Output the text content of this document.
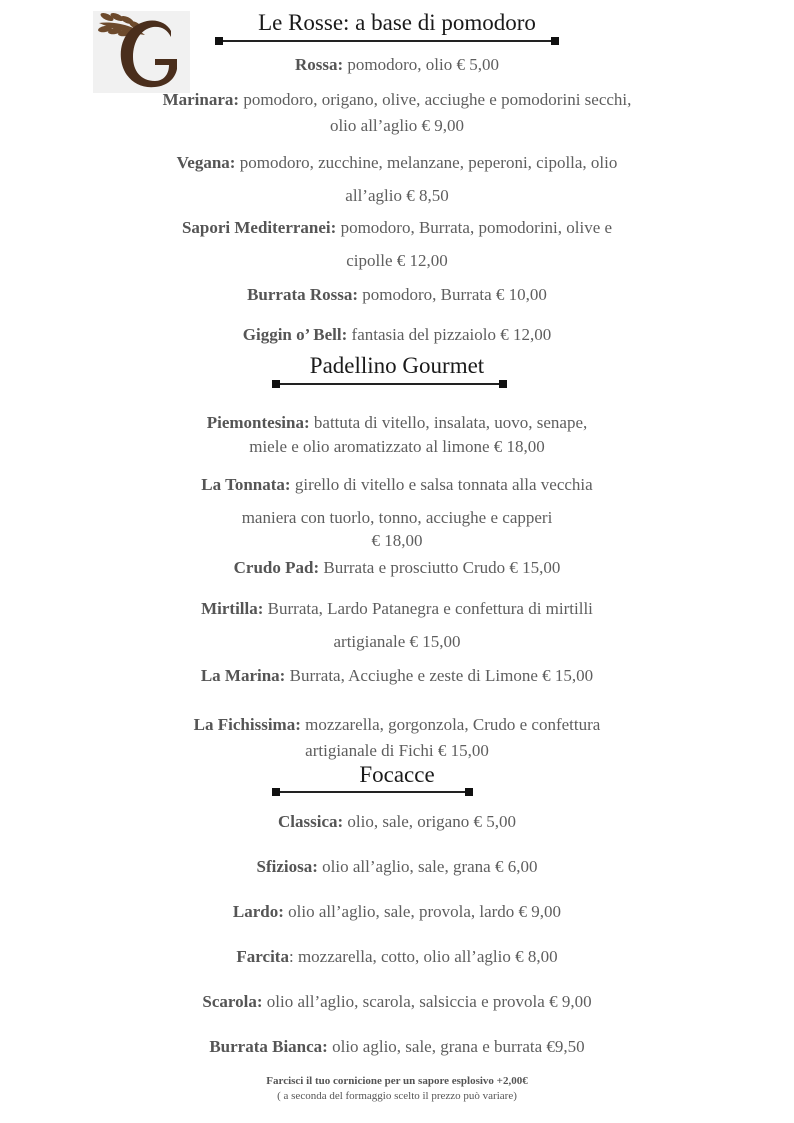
Le Rosse: a base di pomodoro
Rossa: pomodoro, olio € 5,00
Marinara: pomodoro, origano, olive, acciughe e pomodorini secchi,
olio all’aglio € 9,00
Vegana: pomodoro, zucchine, melanzane, peperoni, cipolla, olio
all’aglio € 8,50
Sapori Mediterranei: pomodoro, Burrata, pomodorini, olive e
cipolle € 12,00
Burrata Rossa: pomodoro, Burrata € 10,00
Giggin o’ Bell: fantasia del pizzaiolo € 12,00
Padellino Gourmet
Piemontesina: battuta di vitello, insalata, uovo, senape,
miele e olio aromatizzato al limone € 18,00
La Tonnata: girello di vitello e salsa tonnata alla vecchia
maniera con tuorlo, tonno, acciughe e capperi
€ 18,00
Crudo Pad: Burrata e prosciutto Crudo € 15,00
Mirtilla: Burrata, Lardo Patanegra e confettura di mirtilli
artigianale € 15,00
La Marina: Burrata, Acciughe e zeste di Limone € 15,00
La Fichissima: mozzarella, gorgonzola, Crudo e confettura
artigianale di Fichi € 15,00
Focacce
Classica: olio, sale, origano € 5,00
Sfiziosa: olio all’aglio, sale, grana € 6,00
Lardo: olio all’aglio, sale, provola, lardo € 9,00
Farcita: mozzarella, cotto, olio all’aglio € 8,00
Scarola: olio all’aglio, scarola, salsiccia e provola € 9,00
Burrata Bianca: olio aglio, sale, grana e burrata €9,50
Farcisci il tuo cornicione per un sapore esplosivo +2,00€
( a seconda del formaggio scelto il prezzo può variare)
